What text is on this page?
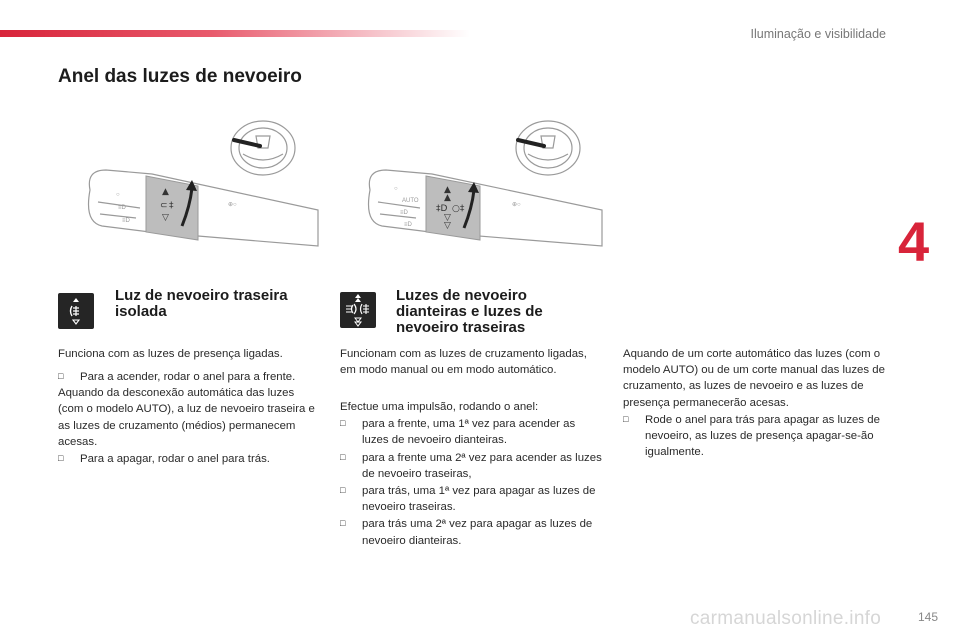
Iluminação e visibilidade
Anel das luzes de nevoeiro
4
○
≡D
≡D
⊕○
▲
⊂ ‡
▽
○
AUTO
≡D
≡D
⊕○
▲
▲
‡D ○‡
▽
▽
Luz de nevoeiro traseira
isolada

Funciona com as luzes de presença ligadas.

□ Para a acender, rodar o anel para a frente.
Aquando da desconexão automática das luzes (com o modelo AUTO), a luz de nevoeiro traseira e as luzes de cruzamento (médios) permanecem acesas.
□ Para a apagar, rodar o anel para trás.
Luzes de nevoeiro
dianteiras e luzes de
nevoeiro traseiras

Funcionam com as luzes de cruzamento ligadas, em modo manual ou em modo automático.

Efectue uma impulsão, rodando o anel:
□ para a frente, uma 1ª vez para acender as luzes de nevoeiro dianteiras.
□ para a frente uma 2ª vez para acender as luzes de nevoeiro traseiras,
□ para trás, uma 1ª vez para apagar as luzes de nevoeiro traseiras.
□ para trás uma 2ª vez para apagar as luzes de nevoeiro dianteiras.
Aquando de um corte automático das luzes (com o modelo AUTO) ou de um corte manual das luzes de cruzamento, as luzes de nevoeiro e as luzes de presença permanecerão acesas.
□ Rode o anel para trás para apagar as luzes de nevoeiro, as luzes de presença apagar-se-ão igualmente.
carmanualsonline.info	145
